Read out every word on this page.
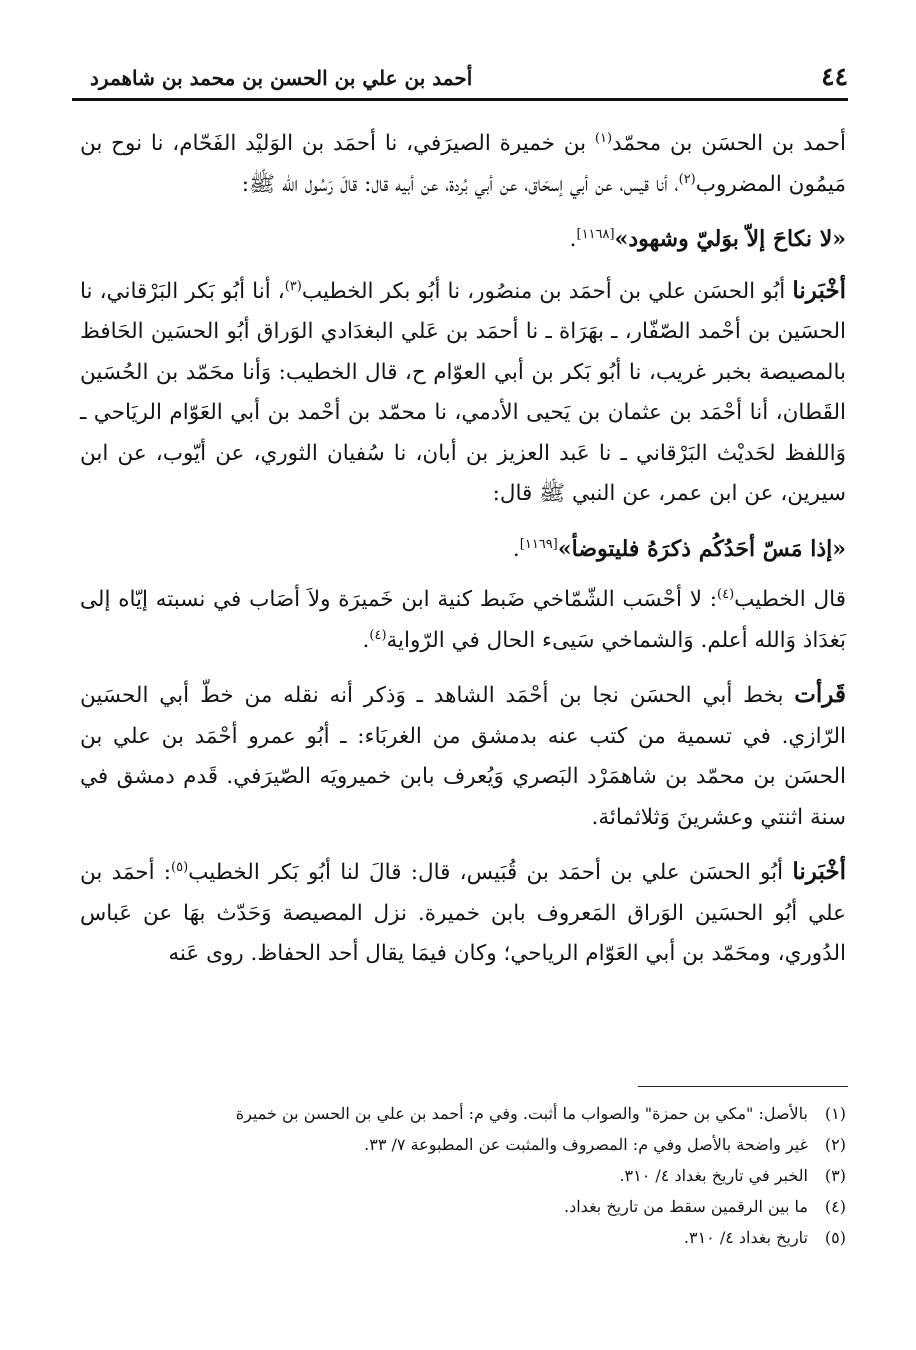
٤٤
أحمد بن علي بن الحسن بن محمد بن شاهمرد

أحمد بن الحسَن بن محمّد$^{(١)}$ بن خميرة الصيرَفي، نا أحمَد بن الوَليْد الفَحّام، نا نوح بن مَيمُون المضروب$^{(٢)}$، أنا قيس، عن أبي إسحَاق، عن أبي بُردة، عن أبيه قال: قالَ رَسُول الله ﷺ:

«لا نكاحَ إلاّ بوَليّ وشهود»[١١٦٨].

أخْبَرنا أبُو الحسَن علي بن أحمَد بن منصُور، نا أبُو بكر الخطيب$^{(٣)}$، أنا أبُو بَكر البَرْقاني، نا الحسَين بن أحْمد الصّفّار، ـ بهَرَاة ـ نا أحمَد بن عَلي البغدَادي الوَراق أبُو الحسَين الحَافظ بالمصيصة بخبر غريب، نا أبُو بَكر بن أبي العوّام ح، قال الخطيب: وَأنا محَمّد بن الحُسَين القَطان، أنا أحْمَد بن عثمان بن يَحيى الأدمي، نا محمّد بن أحْمد بن أبي العَوّام الريَاحي ـ وَاللفظ لحَديْث البَرْقاني ـ نا عَبد العزيز بن أبان، نا سُفيان الثوري، عن أيّوب، عن ابن سيرين، عن ابن عمر، عن النبي ﷺ قال:

«إذا مَسّ أحَدُكُم ذكرَهُ فليتوضأ»[١١٦٩].

قال الخطيب$^{(٤)}$: لا أحْسَب الشّمّاخي ضَبط كنية ابن خَميرَة ولاَ أصَاب في نسبته إيّاه إلى بَغدَاذ وَالله أعلم. وَالشماخي سَيىء الحال في الرّواية$^{(٤)}$.

قَرأت بخط أبي الحسَن نجا بن أحْمَد الشاهد ـ وَذكر أنه نقله من خطّ أبي الحسَين الرّازي. في تسمية من كتب عنه بدمشق من الغربَاء: ـ أبُو عمرو أحْمَد بن علي بن الحسَن بن محمّد بن شاهمَرْد البَصري وَيُعرف بابن خميرويَه الصّيرَفي. قَدم دمشق في سنة اثنتي وعشرينَ وَثلاثمائة.

أخْبَرنا أبُو الحسَن علي بن أحمَد بن قُبَيس، قال: قالَ لنا أبُو بَكر الخطيب$^{(٥)}$: أحمَد بن علي أبُو الحسَين الوَراق المَعروف بابن خميرة. نزل المصيصة وَحَدّث بهَا عن عَباس الدُوري، ومحَمّد بن أبي العَوّام الرياحي؛ وكان فيمَا يقال أحد الحفاظ. روى عَنه

(١)بالأصل: "مكي بن حمزة" والصواب ما أثبت. وفي م: أحمد بن علي بن الحسن بن خميرة

(٢)غير واضحة بالأصل وفي م: المصروف والمثبت عن المطبوعة ٧/ ٣٣.

(٣)الخبر في تاريخ بغداد ٤/ ٣١٠.

(٤)ما بين الرقمين سقط من تاريخ بغداد.

(٥)تاريخ بغداد ٤/ ٣١٠.
